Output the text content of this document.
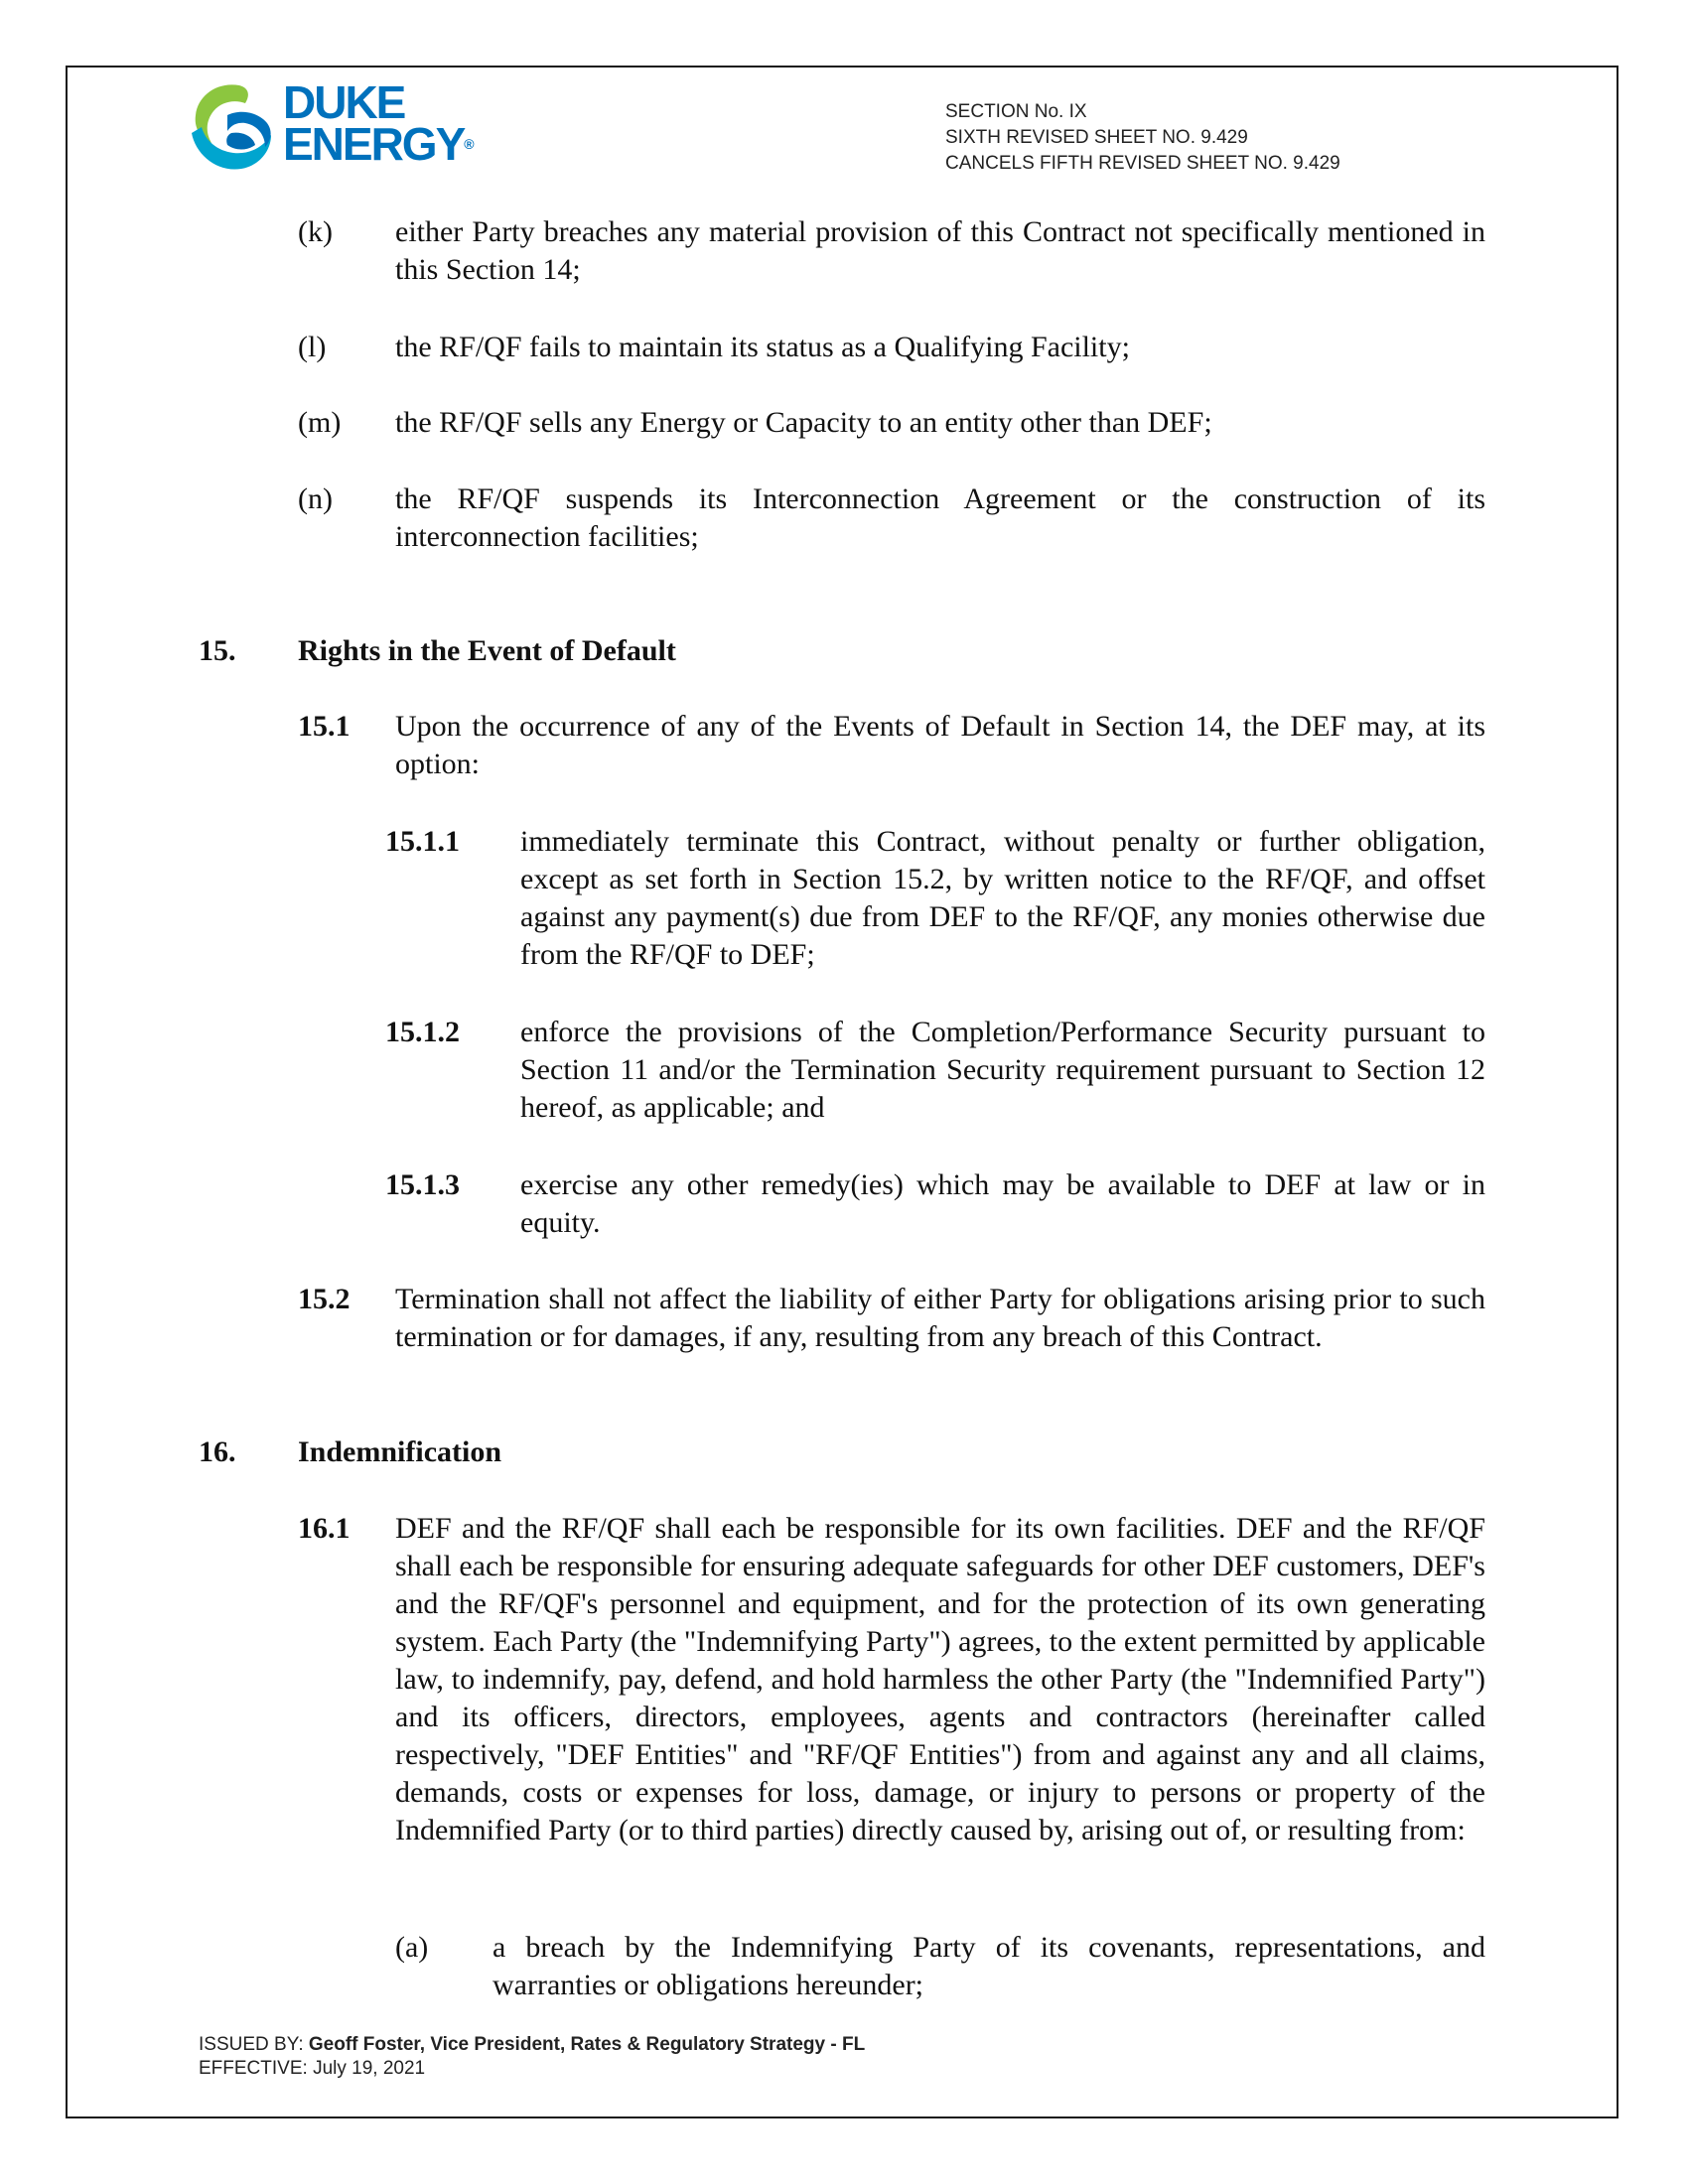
DUKE
ENERGY®
SECTION No. IX
SIXTH REVISED SHEET NO. 9.429
CANCELS FIFTH REVISED SHEET NO. 9.429
(k) either Party breaches any material provision of this Contract not specifically mentioned in this Section 14;
(l) the RF/QF fails to maintain its status as a Qualifying Facility;
(m) the RF/QF sells any Energy or Capacity to an entity other than DEF;
(n) the RF/QF suspends its Interconnection Agreement or the construction of its interconnection facilities;
15. Rights in the Event of Default
15.1 Upon the occurrence of any of the Events of Default in Section 14, the DEF may, at its option:
15.1.1 immediately terminate this Contract, without penalty or further obligation, except as set forth in Section 15.2, by written notice to the RF/QF, and offset against any payment(s) due from DEF to the RF/QF, any monies otherwise due from the RF/QF to DEF;
15.1.2 enforce the provisions of the Completion/Performance Security pursuant to Section 11 and/or the Termination Security requirement pursuant to Section 12 hereof, as applicable; and
15.1.3 exercise any other remedy(ies) which may be available to DEF at law or in equity.
15.2 Termination shall not affect the liability of either Party for obligations arising prior to such termination or for damages, if any, resulting from any breach of this Contract.
16. Indemnification
16.1 DEF and the RF/QF shall each be responsible for its own facilities. DEF and the RF/QF shall each be responsible for ensuring adequate safeguards for other DEF customers, DEF's and the RF/QF's personnel and equipment, and for the protection of its own generating system. Each Party (the "Indemnifying Party") agrees, to the extent permitted by applicable law, to indemnify, pay, defend, and hold harmless the other Party (the "Indemnified Party") and its officers, directors, employees, agents and contractors (hereinafter called respectively, "DEF Entities" and "RF/QF Entities") from and against any and all claims, demands, costs or expenses for loss, damage, or injury to persons or property of the Indemnified Party (or to third parties) directly caused by, arising out of, or resulting from:
(a) a breach by the Indemnifying Party of its covenants, representations, and warranties or obligations hereunder;
ISSUED BY: Geoff Foster, Vice President, Rates & Regulatory Strategy - FL
EFFECTIVE: July 19, 2021
